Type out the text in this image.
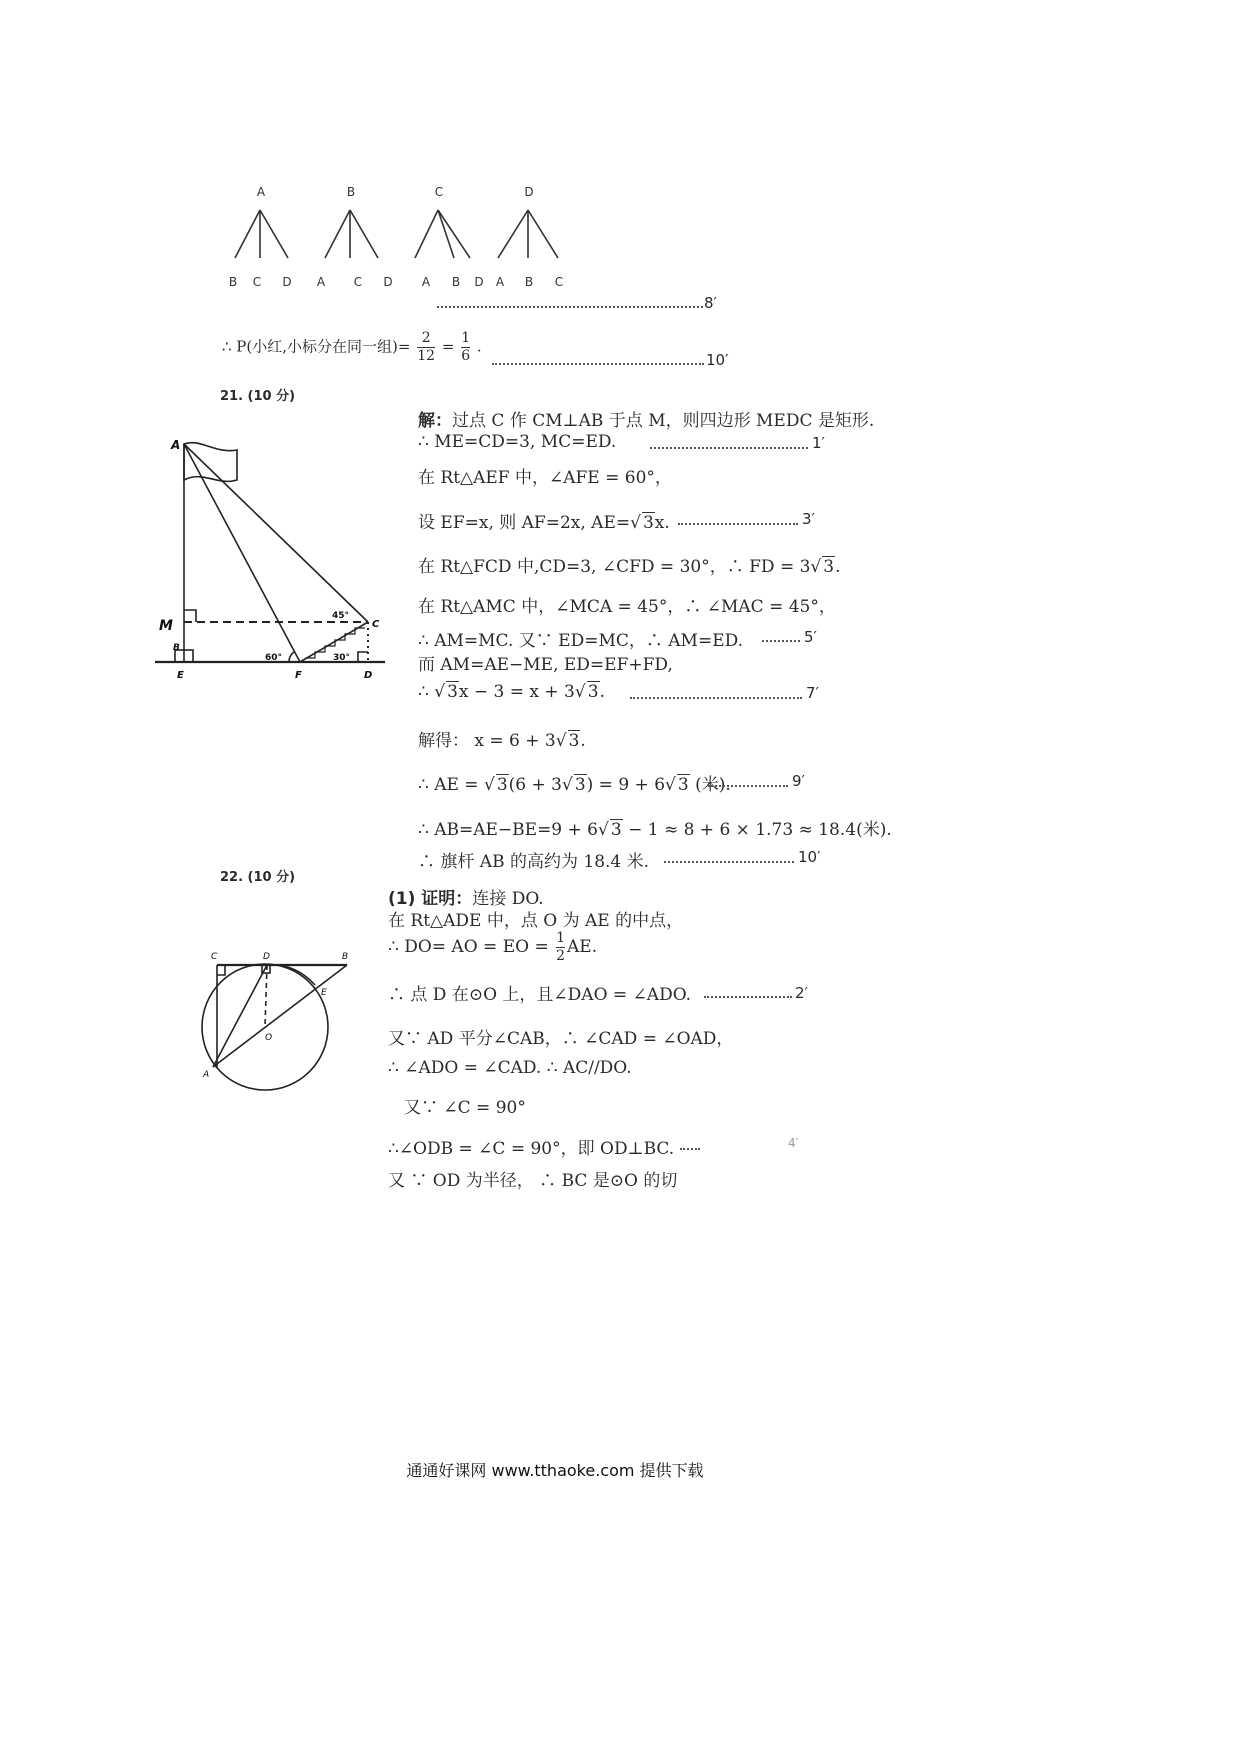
A	B	C	D
B C D A C D A B D A B C
8′
∴ P(小红,小标分在同一组)= $\frac{2}{12} = \frac{1}{6}$ .
10′
21. (10 分)
A
M
B
E	F	D
C
45°
60°	30°
解：过点 C 作 CM⊥AB 于点 M，则四边形 MEDC 是矩形.
∴ ME=CD=3, MC=ED.	1′
在 Rt△AEF 中，∠AFE = 60°，
设 EF=x, 则 AF=2x, AE= √ 3x.	3′
在 Rt△FCD 中,CD=3, ∠CFD = 30°，∴ FD = 3 √ 3.
在 Rt△AMC 中，∠MCA = 45°，∴ ∠MAC = 45°，
∴ AM=MC. 又∵ ED=MC，∴ AM=ED.	5′
而 AM=AE−ME, ED=EF+FD,
∴ √ 3x − 3 = x + 3 √ 3.	7′
解得： x = 6 + 3 √ 3.
∴ AE = √ 3(6 + 3 √ 3) = 9 + 6 √ 3 (米).	9′
∴ AB=AE−BE=9 + 6 √ 3 − 1 ≈ 8 + 6 × 1.73 ≈ 18.4(米).
∴ 旗杆 AB 的高约为 18.4 米.	10′
22. (10 分)
C	D	B
E
O
A
(1) 证明：连接 DO.
在 Rt△ADE 中，点 O 为 AE 的中点，
∴ DO= AO = EO = $\frac{1}{2}$ AE.
∴ 点 D 在⊙O 上，且∠DAO = ∠ADO.	2′
又∵ AD 平分∠CAB，∴ ∠CAD = ∠OAD，
∴ ∠ADO = ∠CAD. ∴ AC//DO.
又∵ ∠C = 90°
∴∠ODB = ∠C = 90°，即 OD⊥BC.	4′
又 ∵ OD 为半径， ∴ BC 是⊙O 的切
通通好课网 www.tthaoke.com 提供下载
